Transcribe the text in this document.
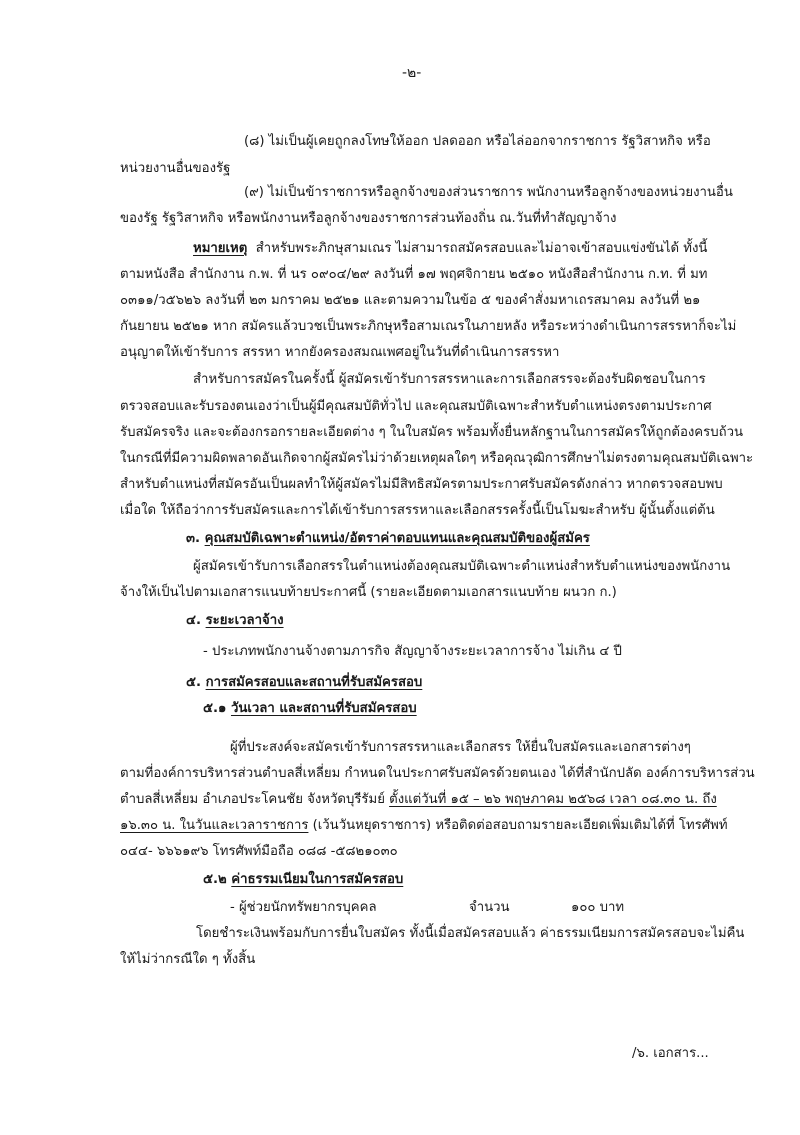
-๒-
(๘) ไม่เป็นผู้เคยถูกลงโทษให้ออก ปลดออก หรือไล่ออกจากราชการ รัฐวิสาหกิจ หรือ
หน่วยงานอื่นของรัฐ
(๙) ไม่เป็นข้าราชการหรือลูกจ้างของส่วนราชการ พนักงานหรือลูกจ้างของหน่วยงานอื่น
ของรัฐ รัฐวิสาหกิจ หรือพนักงานหรือลูกจ้างของราชการส่วนท้องถิ่น ณ.วันที่ทำสัญญาจ้าง
หมายเหตุ สำหรับพระภิกษุสามเณร ไม่สามารถสมัครสอบและไม่อาจเข้าสอบแข่งขันได้ ทั้งนี้
ตามหนังสือ สำนักงาน ก.พ. ที่ นร ๐๙๐๔/๒๙ ลงวันที่ ๑๗ พฤศจิกายน ๒๕๑๐ หนังสือสำนักงาน ก.ท. ที่ มท
๐๓๑๑/ว๕๖๒๖ ลงวันที่ ๒๓ มกราคม ๒๕๒๑ และตามความในข้อ ๕ ของคำสั่งมหาเถรสมาคม ลงวันที่ ๒๑
กันยายน ๒๕๒๑ หาก สมัครแล้วบวชเป็นพระภิกษุหรือสามเณรในภายหลัง หรือระหว่างดำเนินการสรรหาก็จะไม่
อนุญาตให้เข้ารับการ สรรหา หากยังครองสมณเพศอยู่ในวันที่ดำเนินการสรรหา
สำหรับการสมัครในครั้งนี้ ผู้สมัครเข้ารับการสรรหาและการเลือกสรรจะต้องรับผิดชอบในการ
ตรวจสอบและรับรองตนเองว่าเป็นผู้มีคุณสมบัติทั่วไป และคุณสมบัติเฉพาะสำหรับตำแหน่งตรงตามประกาศ
รับสมัครจริง และจะต้องกรอกรายละเอียดต่าง ๆ ในใบสมัคร พร้อมทั้งยื่นหลักฐานในการสมัครให้ถูกต้องครบถ้วน
ในกรณีที่มีความผิดพลาดอันเกิดจากผู้สมัครไม่ว่าด้วยเหตุผลใดๆ หรือคุณวุฒิการศึกษาไม่ตรงตามคุณสมบัติเฉพาะ
สำหรับตำแหน่งที่สมัครอันเป็นผลทำให้ผู้สมัครไม่มีสิทธิสมัครตามประกาศรับสมัครดังกล่าว หากตรวจสอบพบ
เมื่อใด ให้ถือว่าการรับสมัครและการได้เข้ารับการสรรหาและเลือกสรรครั้งนี้เป็นโมฆะสำหรับ ผู้นั้นตั้งแต่ต้น
๓. คุณสมบัติเฉพาะตำแหน่ง/อัตราค่าตอบแทนและคุณสมบัติของผู้สมัคร
ผู้สมัครเข้ารับการเลือกสรรในตำแหน่งต้องคุณสมบัติเฉพาะตำแหน่งสำหรับตำแหน่งของพนักงาน
จ้างให้เป็นไปตามเอกสารแนบท้ายประกาศนี้ (รายละเอียดตามเอกสารแนบท้าย ผนวก ก.)
๔. ระยะเวลาจ้าง
- ประเภทพนักงานจ้างตามภารกิจ สัญญาจ้างระยะเวลาการจ้าง ไม่เกิน ๔ ปี
๕. การสมัครสอบและสถานที่รับสมัครสอบ
๕.๑ วันเวลา และสถานที่รับสมัครสอบ
ผู้ที่ประสงค์จะสมัครเข้ารับการสรรหาและเลือกสรร ให้ยื่นใบสมัครและเอกสารต่างๆ
ตามที่องค์การบริหารส่วนตำบลสี่เหลี่ยม กำหนดในประกาศรับสมัครด้วยตนเอง ได้ที่สำนักปลัด องค์การบริหารส่วน
ตำบลสี่เหลี่ยม อำเภอประโคนชัย จังหวัดบุรีรัมย์ ตั้งแต่วันที่ ๑๕ – ๒๖ พฤษภาคม ๒๕๖๘ เวลา ๐๘.๓๐ น. ถึง
๑๖.๓๐ น. ในวันและเวลาราชการ (เว้นวันหยุดราชการ) หรือติดต่อสอบถามรายละเอียดเพิ่มเติมได้ที่ โทรศัพท์
๐๔๔- ๖๖๖๑๙๖ โทรศัพท์มือถือ ๐๘๘ -๕๘๒๑๐๓๐
๕.๒ ค่าธรรมเนียมในการสมัครสอบ
- ผู้ช่วยนักทรัพยากรบุคคล	จำนวน	๑๐๐ บาท
โดยชำระเงินพร้อมกับการยื่นใบสมัคร ทั้งนี้เมื่อสมัครสอบแล้ว ค่าธรรมเนียมการสมัครสอบจะไม่คืน
ให้ไม่ว่ากรณีใด ๆ ทั้งสิ้น
/๖. เอกสาร...
